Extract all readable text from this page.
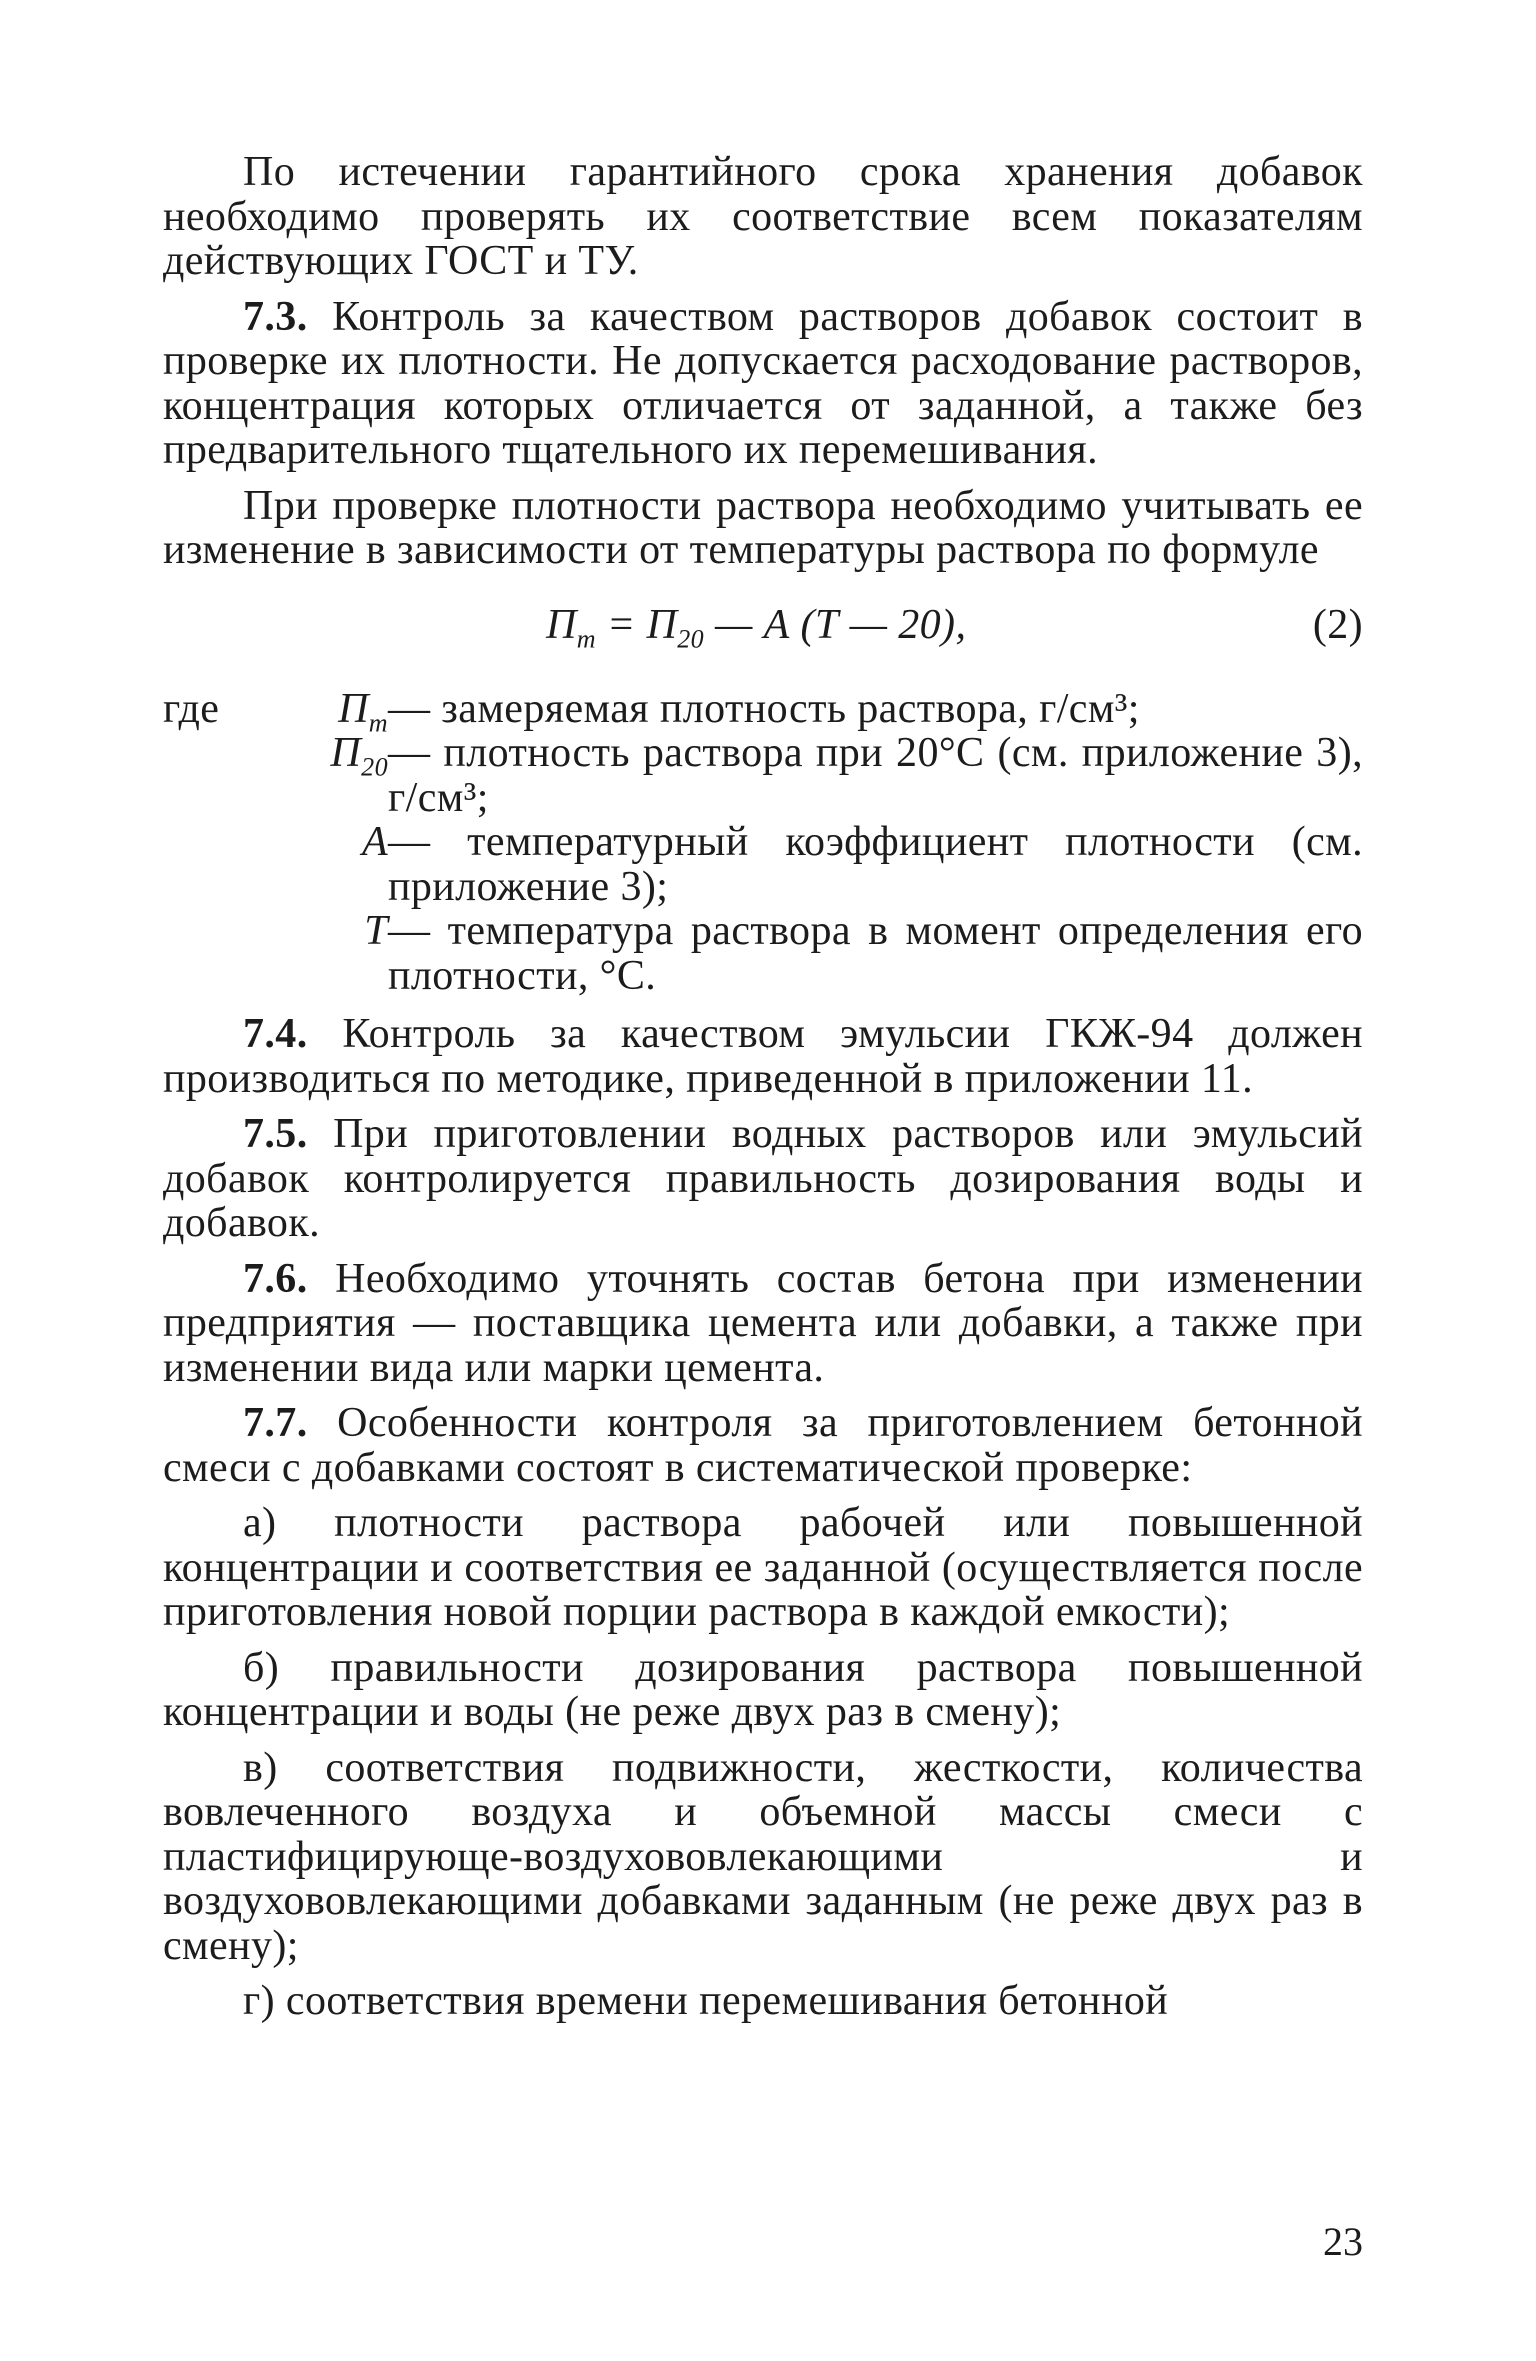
По истечении гарантийного срока хранения добавок необходимо проверять их соответствие всем показателям действующих ГОСТ и ТУ.

7.3. Контроль за качеством растворов добавок состоит в проверке их плотности. Не допускается расходование растворов, концентрация которых отличается от заданной, а также без предварительного тщательного их перемешивания.

При проверке плотности раствора необходимо учитывать ее изменение в зависимости от температуры раствора по формуле

$П_т = П_{20}$ — А (Т — 20),	(2)
где	$П_т$ — замеряемая плотность раствора, г/см³;
$П_{20}$ — плотность раствора при 20°С (см. приложение 3), г/см³;
А — температурный коэффициент плотности (см. приложение 3);
Т — температура раствора в момент определения его плотности, °С.

7.4. Контроль за качеством эмульсии ГКЖ-94 должен производиться по методике, приведенной в приложении 11.

7.5. При приготовлении водных растворов или эмульсий добавок контролируется правильность дозирования воды и добавок.

7.6. Необходимо уточнять состав бетона при изменении предприятия — поставщика цемента или добавки, а также при изменении вида или марки цемента.

7.7. Особенности контроля за приготовлением бетонной смеси с добавками состоят в систематической проверке:

а) плотности раствора рабочей или повышенной концентрации и соответствия ее заданной (осуществляется после приготовления новой порции раствора в каждой емкости);

б) правильности дозирования раствора повышенной концентрации и воды (не реже двух раз в смену);

в) соответствия подвижности, жесткости, количества вовлеченного воздуха и объемной массы смеси с пластифицирующе-воздухововлекающими и воздухововлекающими добавками заданным (не реже двух раз в смену);

г) соответствия времени перемешивания бетонной

23
